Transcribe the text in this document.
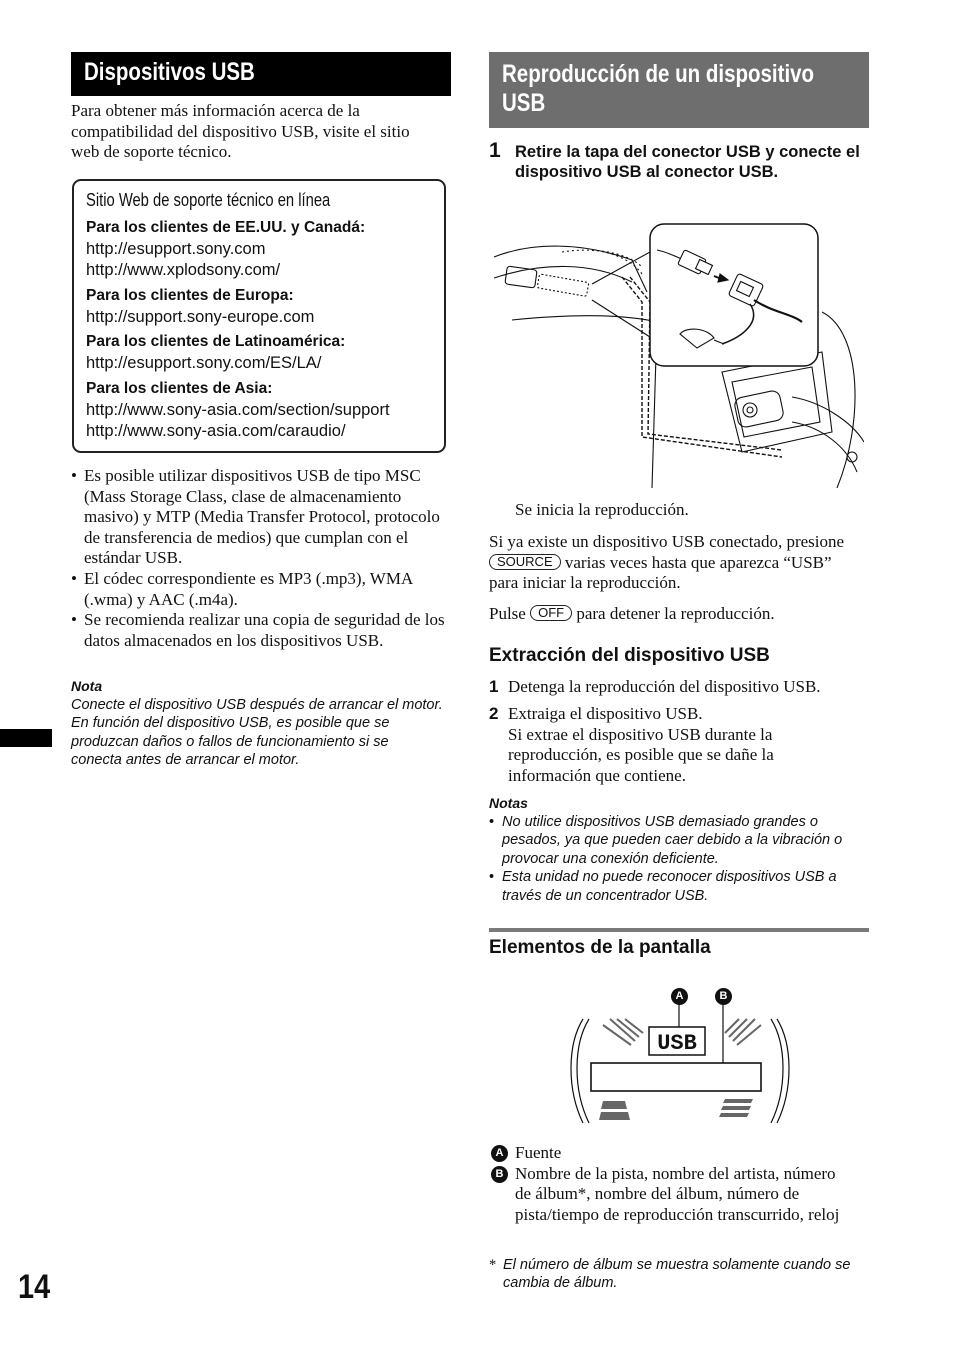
Dispositivos USB
Para obtener más información acerca de la compatibilidad del dispositivo USB, visite el sitio web de soporte técnico.
Sitio Web de soporte técnico en línea
Para los clientes de EE.UU. y Canadá:
http://esupport.sony.com
http://www.xplodsony.com/
Para los clientes de Europa:
http://support.sony-europe.com
Para los clientes de Latinoamérica:
http://esupport.sony.com/ES/LA/
Para los clientes de Asia:
http://www.sony-asia.com/section/support
http://www.sony-asia.com/caraudio/
• Es posible utilizar dispositivos USB de tipo MSC (Mass Storage Class, clase de almacenamiento masivo) y MTP (Media Transfer Protocol, protocolo de transferencia de medios) que cumplan con el estándar USB.
• El códec correspondiente es MP3 (.mp3), WMA (.wma) y AAC (.m4a).
• Se recomienda realizar una copia de seguridad de los datos almacenados en los dispositivos USB.
Nota
Conecte el dispositivo USB después de arrancar el motor.
En función del dispositivo USB, es posible que se produzcan daños o fallos de funcionamiento si se conecta antes de arrancar el motor.
14
Reproducción de un dispositivo USB
1 Retire la tapa del conector USB y conecte el dispositivo USB al conector USB.
Se inicia la reproducción.
Si ya existe un dispositivo USB conectado, presione SOURCE varias veces hasta que aparezca “USB” para iniciar la reproducción.
Pulse OFF para detener la reproducción.
Extracción del dispositivo USB
1 Detenga la reproducción del dispositivo USB.
2 Extraiga el dispositivo USB.
Si extrae el dispositivo USB durante la reproducción, es posible que se dañe la información que contiene.
Notas
• No utilice dispositivos USB demasiado grandes o pesados, ya que pueden caer debido a la vibración o provocar una conexión deficiente.
• Esta unidad no puede reconocer dispositivos USB a través de un concentrador USB.
Elementos de la pantalla
USB
A	B
A Fuente
B Nombre de la pista, nombre del artista, número de álbum*, nombre del álbum, número de pista/tiempo de reproducción transcurrido, reloj
* El número de álbum se muestra solamente cuando se cambia de álbum.
